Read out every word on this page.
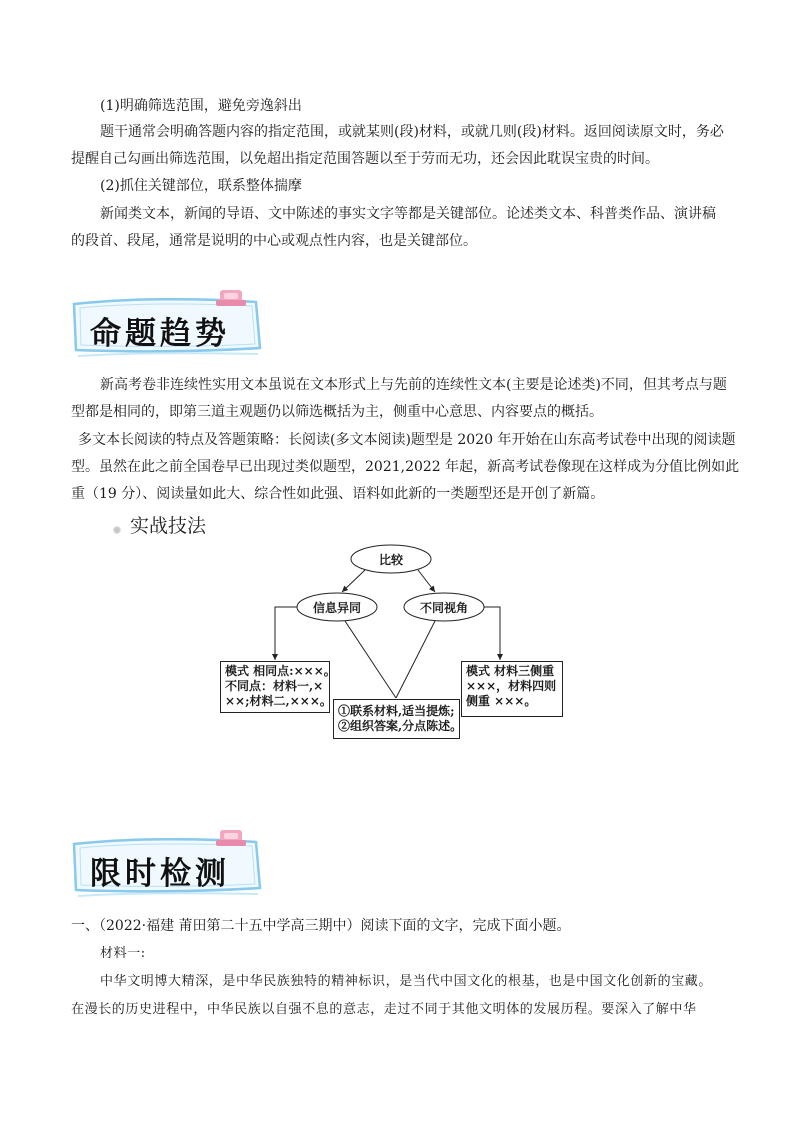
(1)明确筛选范围，避免旁逸斜出
题干通常会明确答题内容的指定范围，或就某则(段)材料，或就几则(段)材料。返回阅读原文时，务必
提醒自己勾画出筛选范围，以免超出指定范围答题以至于劳而无功，还会因此耽误宝贵的时间。
(2)抓住关键部位，联系整体揣摩
新闻类文本，新闻的导语、文中陈述的事实文字等都是关键部位。论述类文本、科普类作品、演讲稿
的段首、段尾，通常是说明的中心或观点性内容，也是关键部位。
命题趋势
新高考卷非连续性实用文本虽说在文本形式上与先前的连续性文本(主要是论述类)不同，但其考点与题
型都是相同的，即第三道主观题仍以筛选概括为主，侧重中心意思、内容要点的概括。
多文本长阅读的特点及答题策略：长阅读(多文本阅读)题型是 2020 年开始在山东高考试卷中出现的阅读题
型。虽然在此之前全国卷早已出现过类似题型，2021,2022 年起，新高考试卷像现在这样成为分值比例如此
重（19 分）、阅读量如此大、综合性如此强、语料如此新的一类题型还是开创了新篇。
实战技法
比较
信息异同	不同视角
模式 相同点:×××。
不同点：材料一,×
××;材料二,×××。
①联系材料,适当提炼;
②组织答案,分点陈述。
模式 材料三侧重
×××，材料四则
侧重 ×××。
限时检测
一、（2022·福建 莆田第二十五中学高三期中）阅读下面的文字，完成下面小题。
材料一:
中华文明博大精深，是中华民族独特的精神标识，是当代中国文化的根基，也是中国文化创新的宝藏。
在漫长的历史进程中，中华民族以自强不息的意志，走过不同于其他文明体的发展历程。要深入了解中华
